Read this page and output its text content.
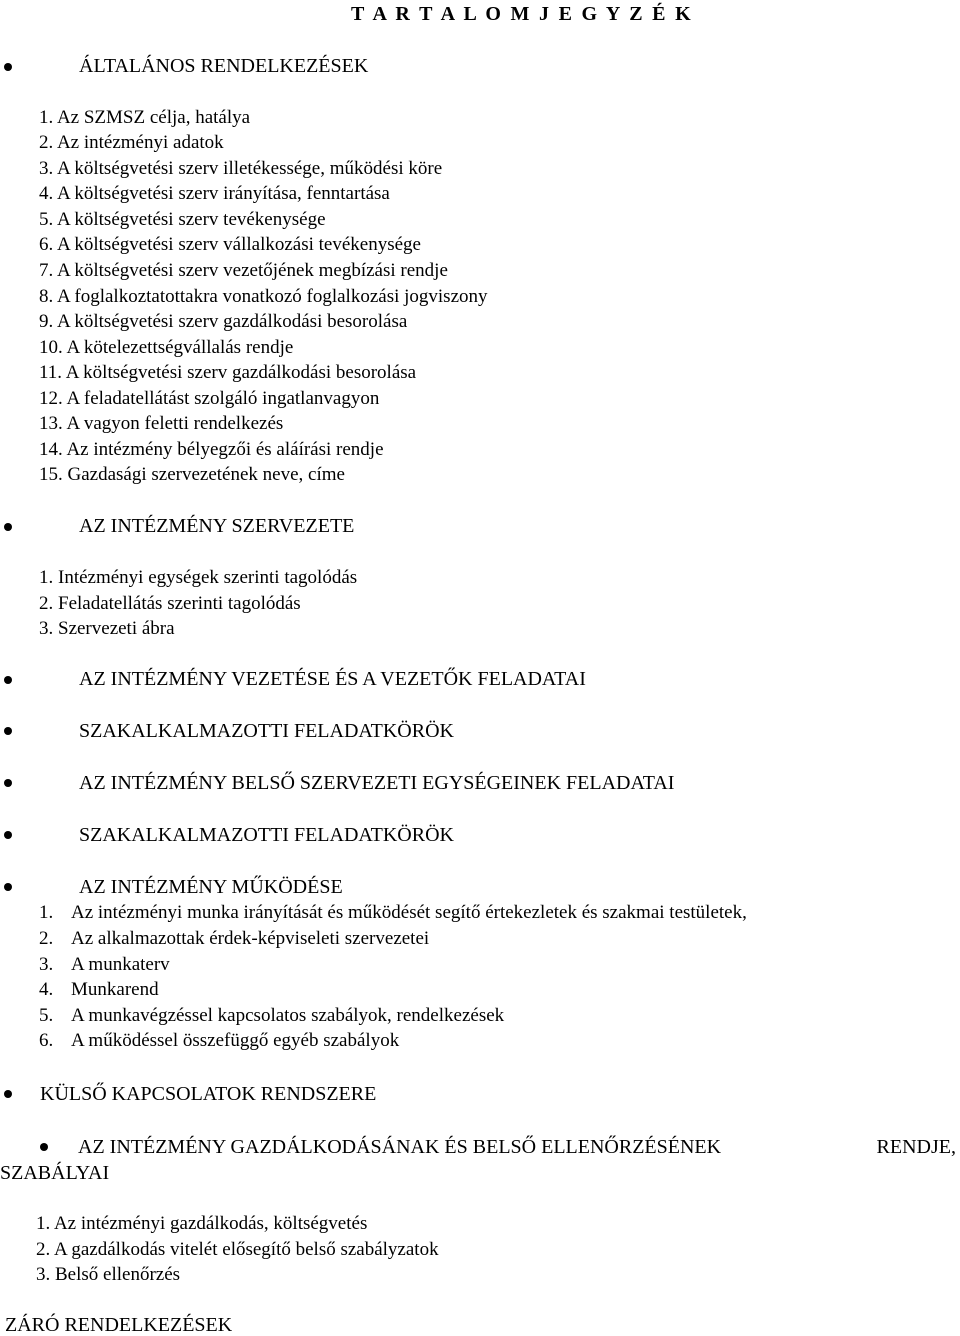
T A R T A L O M J E G Y Z É K
ÁLTALÁNOS RENDELKEZÉSEK
1. Az SZMSZ célja, hatálya
2. Az intézményi adatok
3. A költségvetési szerv illetékessége, működési köre
4. A költségvetési szerv irányítása, fenntartása
5. A költségvetési szerv tevékenysége
6. A költségvetési szerv vállalkozási tevékenysége
7. A költségvetési szerv vezetőjének megbízási rendje
8. A foglalkoztatottakra vonatkozó foglalkozási jogviszony
9. A költségvetési szerv gazdálkodási besorolása
10. A kötelezettségvállalás rendje
11. A költségvetési szerv gazdálkodási besorolása
12. A feladatellátást szolgáló ingatlanvagyon
13. A vagyon feletti rendelkezés
14. Az intézmény bélyegzői és aláírási rendje
15. Gazdasági szervezetének neve, címe
AZ INTÉZMÉNY SZERVEZETE
1. Intézményi egységek szerinti tagolódás
2. Feladatellátás szerinti tagolódás
3. Szervezeti ábra
AZ INTÉZMÉNY VEZETÉSE ÉS A VEZETŐK FELADATAI
SZAKALKALMAZOTTI FELADATKÖRÖK
AZ INTÉZMÉNY BELSŐ SZERVEZETI EGYSÉGEINEK FELADATAI
SZAKALKALMAZOTTI FELADATKÖRÖK
AZ INTÉZMÉNY MŰKÖDÉSE
1. Az intézményi munka irányítását és működését segítő értekezletek és szakmai testületek,
2. Az alkalmazottak érdek-képviseleti szervezetei
3. A munkaterv
4. Munkarend
5. A munkavégzéssel kapcsolatos szabályok, rendelkezések
6. A működéssel összefüggő egyéb szabályok
KÜLSŐ KAPCSOLATOK RENDSZERE
AZ INTÉZMÉNY GAZDÁLKODÁSÁNAK ÉS BELSŐ ELLENŐRZÉSÉNEK	RENDJE,
SZABÁLYAI
1. Az intézményi gazdálkodás, költségvetés
2. A gazdálkodás vitelét elősegítő belső szabályzatok
3. Belső ellenőrzés
ZÁRÓ RENDELKEZÉSEK
